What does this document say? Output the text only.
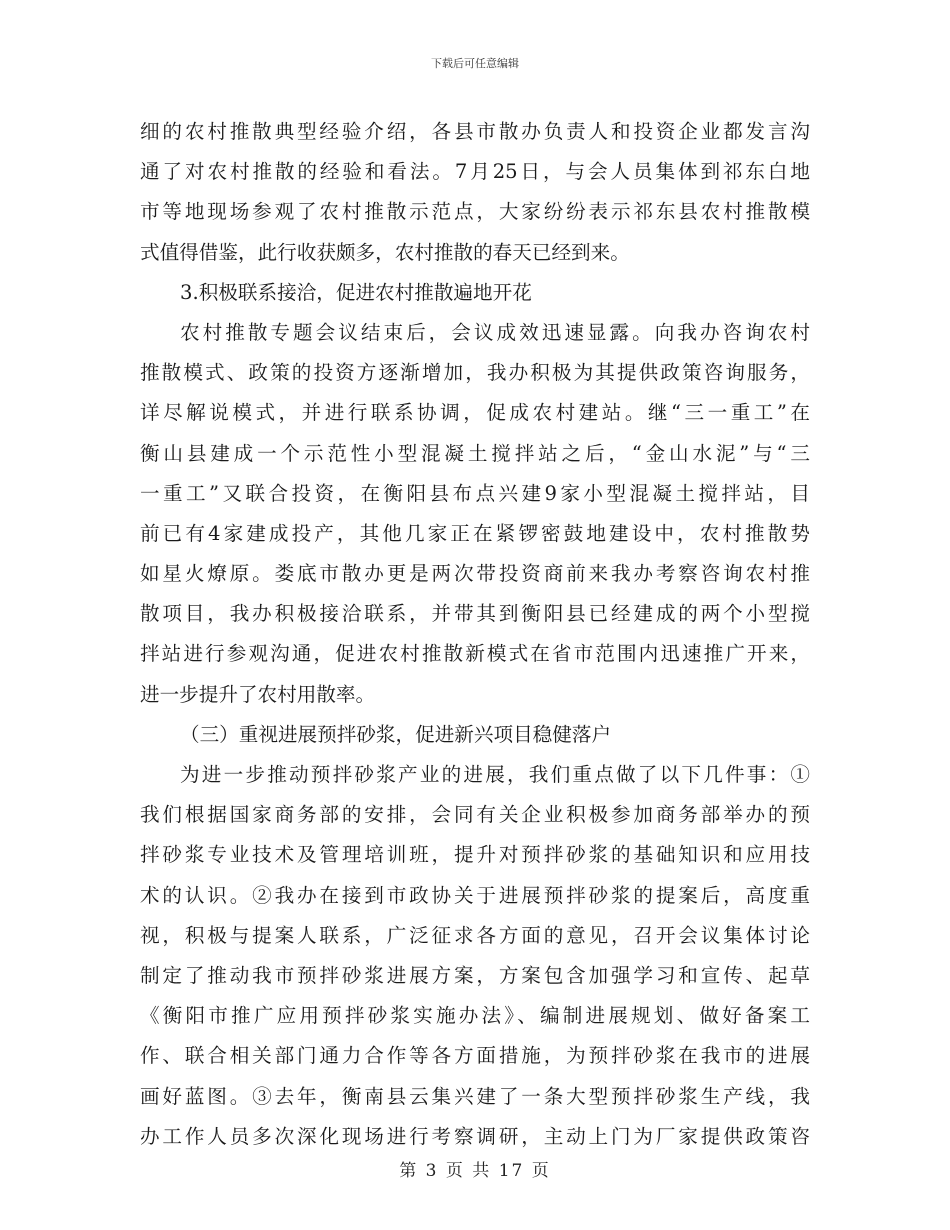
下载后可任意编辑
细的农村推散典型经验介绍，各县市散办负责人和投资企业都发言沟
通了对农村推散的经验和看法。7月25日，与会人员集体到祁东白地
市等地现场参观了农村推散示范点，大家纷纷表示祁东县农村推散模
式值得借鉴，此行收获颇多，农村推散的春天已经到来。
3.积极联系接洽，促进农村推散遍地开花
农村推散专题会议结束后，会议成效迅速显露。向我办咨询农村
推散模式、政策的投资方逐渐增加，我办积极为其提供政策咨询服务，
详尽解说模式，并进行联系协调，促成农村建站。继“三一重工”在
衡山县建成一个示范性小型混凝土搅拌站之后，“金山水泥”与“三
一重工”又联合投资，在衡阳县布点兴建9家小型混凝土搅拌站，目
前已有4家建成投产，其他几家正在紧锣密鼓地建设中，农村推散势
如星火燎原。娄底市散办更是两次带投资商前来我办考察咨询农村推
散项目，我办积极接洽联系，并带其到衡阳县已经建成的两个小型搅
拌站进行参观沟通，促进农村推散新模式在省市范围内迅速推广开来，
进一步提升了农村用散率。
（三）重视进展预拌砂浆，促进新兴项目稳健落户
为进一步推动预拌砂浆产业的进展，我们重点做了以下几件事：①
我们根据国家商务部的安排，会同有关企业积极参加商务部举办的预
拌砂浆专业技术及管理培训班，提升对预拌砂浆的基础知识和应用技
术的认识。②我办在接到市政协关于进展预拌砂浆的提案后，高度重
视，积极与提案人联系，广泛征求各方面的意见，召开会议集体讨论
制定了推动我市预拌砂浆进展方案，方案包含加强学习和宣传、起草
《衡阳市推广应用预拌砂浆实施办法》、编制进展规划、做好备案工
作、联合相关部门通力合作等各方面措施，为预拌砂浆在我市的进展
画好蓝图。③去年，衡南县云集兴建了一条大型预拌砂浆生产线，我
办工作人员多次深化现场进行考察调研，主动上门为厂家提供政策咨
第 3 页 共 17 页
